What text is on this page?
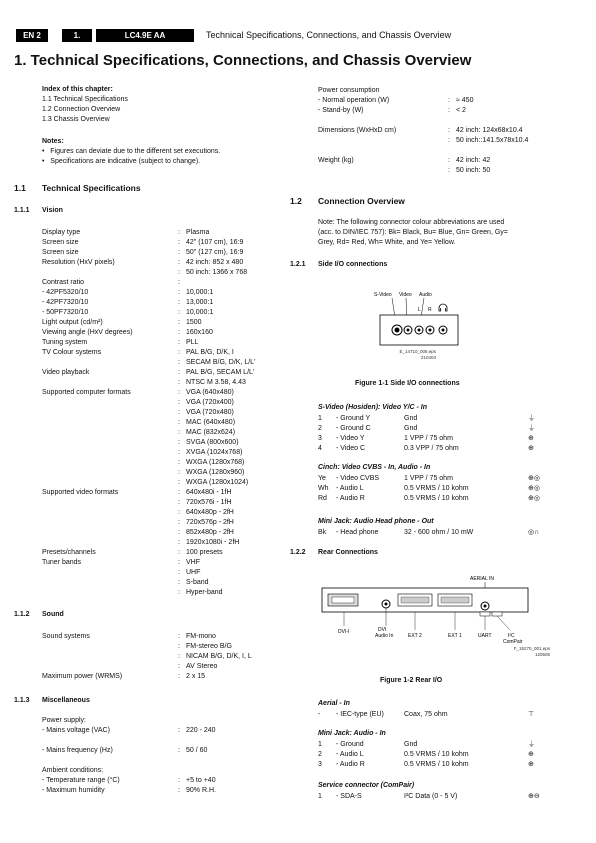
EN 2	1.	LC4.9E AA	Technical Specifications, Connections, and Chassis Overview
1. Technical Specifications, Connections, and Chassis Overview
Index of this chapter:
1.1 Technical Specifications
1.2 Connection Overview
1.3 Chassis Overview
Notes:
•   Figures can deviate due to the different set executions.
•   Specifications are indicative (subject to change).
1.1 Technical Specifications
1.1.1 Vision
Display type	: Plasma
Screen size	: 42" (107 cm), 16:9
Screen size	: 50" (127 cm), 16:9
Resolution (HxV pixels)	: 42 inch: 852 x 480
: 50 inch: 1366 x 768
Contrast ratio	:
- 42PF5320/10	: 10,000:1
- 42PF7320/10	: 13,000:1
- 50PF7320/10	: 10,000:1
Light output (cd/m²)	: 1500
Viewing angle (HxV degrees)	: 160x160
Tuning system	: PLL
TV Colour systems	: PAL B/G, D/K, I
: SECAM B/G, D/K, L/L'
Video playback	: PAL B/G, SECAM L/L'
: NTSC M 3.58, 4.43
Supported computer formats	: VGA (640x480)
: VGA (720x400)
: VGA (720x480)
: MAC (640x480)
: MAC (832x624)
: SVGA (800x600)
: XVGA (1024x768)
: WXGA (1280x768)
: WXGA (1280x960)
: WXGA (1280x1024)
Supported video formats	: 640x480i - 1fH
: 720x576i - 1fH
: 640x480p - 2fH
: 720x576p - 2fH
: 852x480p - 2fH
: 1920x1080i - 2fH
Presets/channels	: 100 presets
Tuner bands	: VHF
: UHF
: S-band
: Hyper-band
1.1.2 Sound
Sound systems	: FM-mono
: FM-stereo B/G
: NICAM B/G, D/K, I, L
: AV Stereo
Maximum power (WRMS)	: 2 x 15
1.1.3 Miscellaneous
Power supply:
- Mains voltage (VAC)	: 220 - 240
- Mains frequency (Hz)	: 50 / 60
Ambient conditions:
- Temperature range (°C)	: +5 to +40
- Maximum humidity	: 90% R.H.
Power consumption
- Normal operation (W)	: ≈ 450
- Stand-by (W)	: < 2
Dimensions (WxHxD cm)	: 42 inch: 124x68x10.4
: 50 inch::141.5x78x10.4
Weight (kg)	: 42 inch: 42
: 50 inch: 50
1.2 Connection Overview
Note: The following connector colour abbreviations are used
(acc. to DIN/IEC 757): Bk= Black, Bu= Blue, Gn= Green, Gy=
Grey, Rd= Red, Wh= White, and Ye= Yellow.
1.2.1 Side I/O connections
S-Video Video Audio
L R
E_14710_005.eps
210404
Figure 1-1 Side I/O connections
S-Video (Hosiden): Video Y/C - In
1 - Ground Y	Gnd	⏚
2 - Ground C	Gnd	⏚
3 - Video Y	1 VPP / 75 ohm	⊕
4 - Video C	0.3 VPP / 75 ohm	⊕
Cinch: Video CVBS - In, Audio - In
Ye - Video CVBS	1 VPP / 75 ohm	⊕◎
Wh - Audio L	0.5 VRMS / 10 kohm	⊕◎
Rd - Audio R	0.5 VRMS / 10 kohm	⊕◎
Mini Jack: Audio Head phone - Out
Bk - Head phone	32 - 600 ohm / 10 mW	◎∩
1.2.2 Rear Connections
AERIAL IN
DVI-I	DVI
Audio In	EXT 2	EXT 1	UART	I²C
ComPair
F_15270_001.eps
120505
Figure 1-2 Rear I/O
Aerial - In
- - IEC-type (EU)	Coax, 75 ohm	⊤
Mini Jack: Audio - In
1 - Ground	Gnd	⏚
2 - Audio L	0.5 VRMS / 10 kohm	⊕
3 - Audio R	0.5 VRMS / 10 kohm	⊕
Service connector (ComPair)
1 - SDA-S	I²C Data (0 - 5 V)	⊕⊖
